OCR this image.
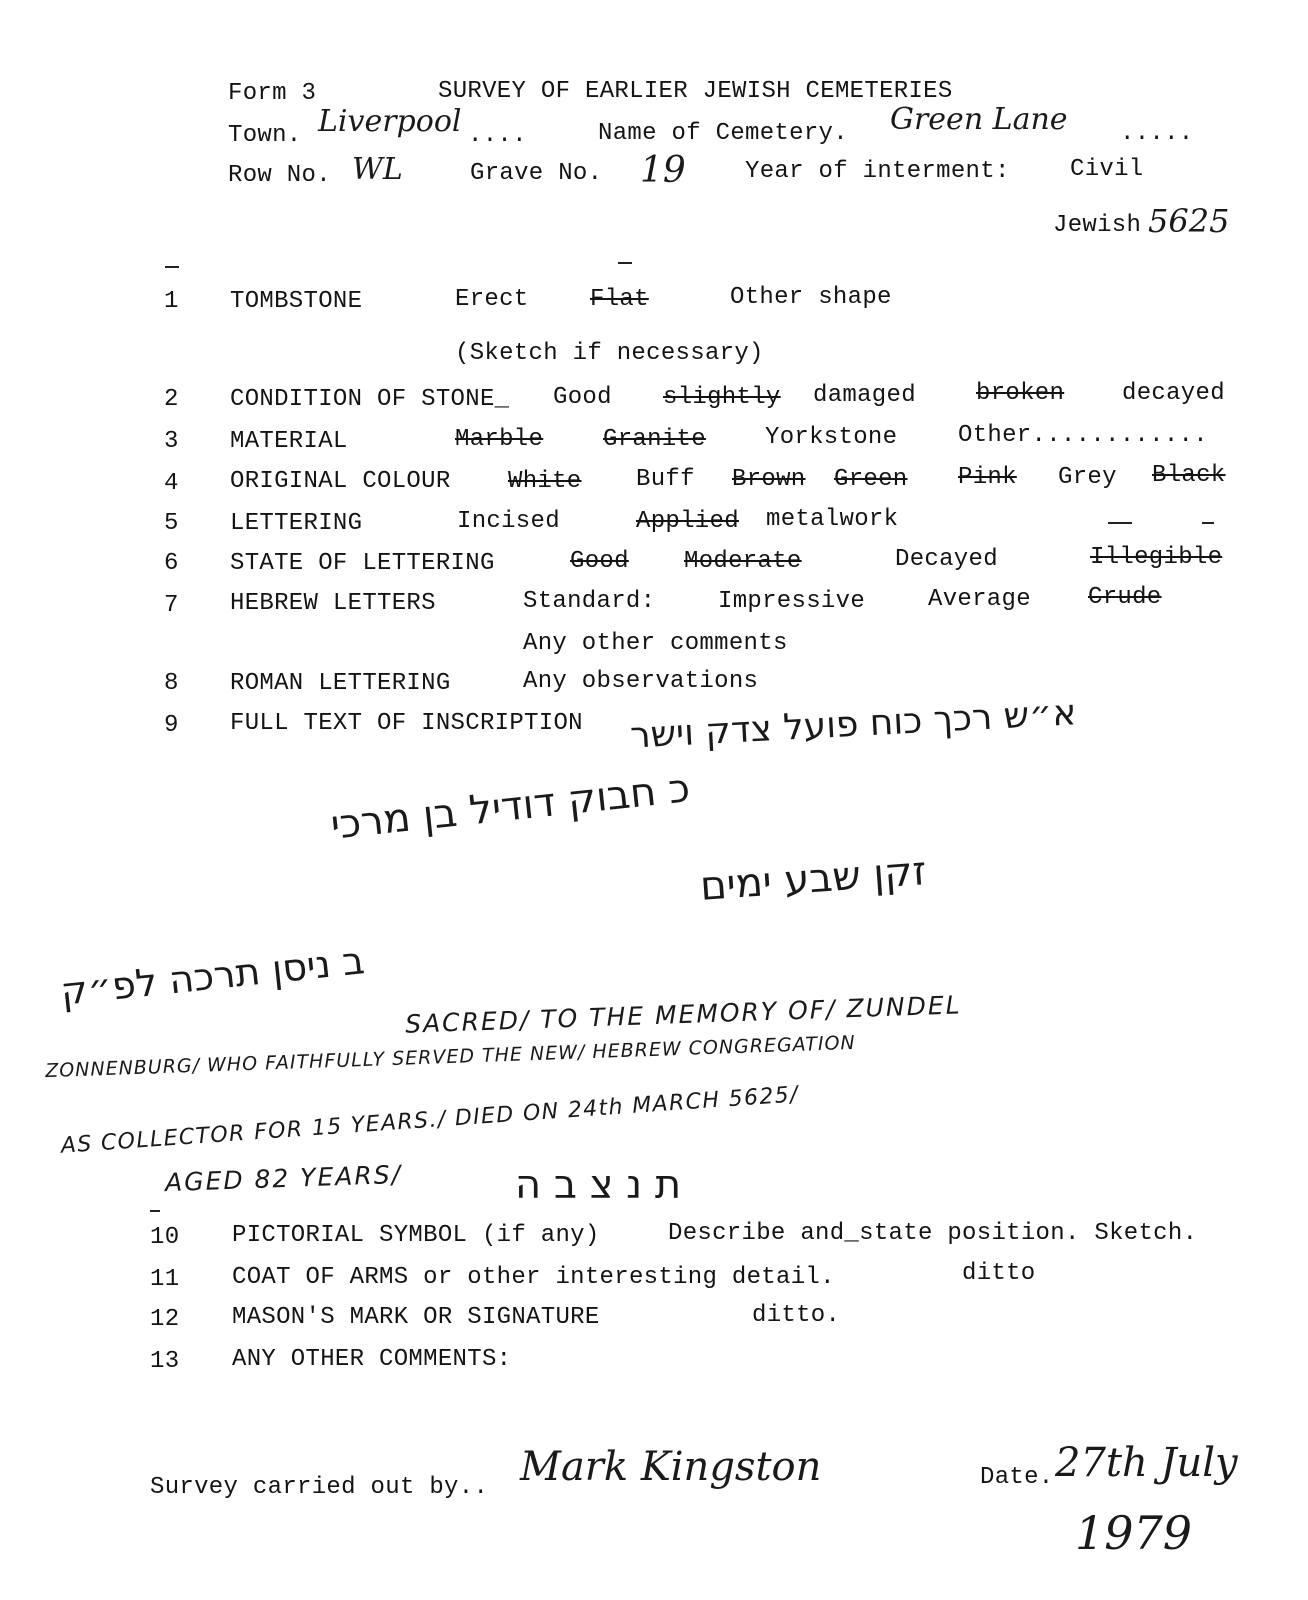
Form 3	SURVEY OF EARLIER JEWISH CEMETERIES
Town. Liverpool ....	Name of Cemetery. Green Lane .....
Row No. WL	Grave No. 19 Year of interment:	Civil
Jewish 5625
1 TOMBSTONE	Erect	Flat	Other shape
(Sketch if necessary)
2 CONDITION OF STONE_ Good slightly damaged	broken decayed
3 MATERIAL	Marble Granite Yorkstone	Other............
4 ORIGINAL COLOUR White Buff Brown Green Pink Grey Black
5 LETTERING	Incised	Applied metalwork
6 STATE OF LETTERING	Good Moderate	Decayed	Illegible
7 HEBREW LETTERS	Standard:	Impressive	Average Crude
Any other comments
8 ROMAN LETTERING	Any observations
9 FULL TEXT OF INSCRIPTION א״ש רכך כוח פועל צדק וישר
כ חבוק דודיל בן מרכי
זקן שבע ימים
ב ניסן תרכה לפ״ק
SACRED/ TO THE MEMORY OF/ ZUNDEL
ZONNENBURG/ WHO FAITHFULLY SERVED THE NEW/ HEBREW CONGREGATION
AS COLLECTOR FOR 15 YEARS./ DIED ON 24th MARCH 5625/
AGED 82 YEARS/	ת נ צ ב ה
10 PICTORIAL SYMBOL (if any)	Describe and_state position. Sketch.
11 COAT OF ARMS or other interesting detail.	ditto
12 MASON'S MARK OR SIGNATURE	ditto.
13 ANY OTHER COMMENTS:
Survey carried out by.. Mark Kingston	Date. 27th July
1979
